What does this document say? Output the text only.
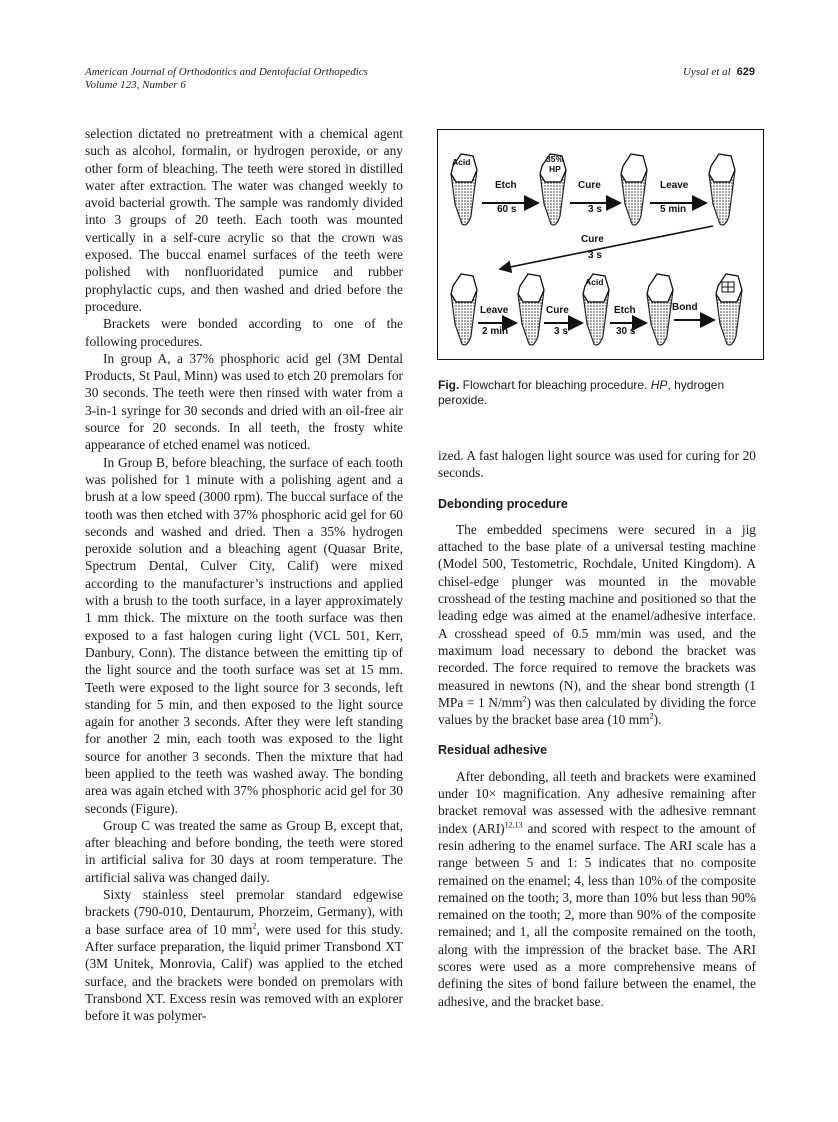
American Journal of Orthodontics and Dentofacial Orthopedics
Volume 123, Number 6
Uysal et al 629

selection dictated no pretreatment with a chemical agent such as alcohol, formalin, or hydrogen peroxide, or any other form of bleaching. The teeth were stored in distilled water after extraction. The water was changed weekly to avoid bacterial growth. The sample was randomly divided into 3 groups of 20 teeth. Each tooth was mounted vertically in a self-cure acrylic so that the crown was exposed. The buccal enamel surfaces of the teeth were polished with nonfluoridated pumice and rubber prophylactic cups, and then washed and dried before the procedure.

Brackets were bonded according to one of the following procedures.

In group A, a 37% phosphoric acid gel (3M Dental Products, St Paul, Minn) was used to etch 20 premolars for 30 seconds. The teeth were then rinsed with water from a 3-in-1 syringe for 30 seconds and dried with an oil-free air source for 20 seconds. In all teeth, the frosty white appearance of etched enamel was noticed.

In Group B, before bleaching, the surface of each tooth was polished for 1 minute with a polishing agent and a brush at a low speed (3000 rpm). The buccal surface of the tooth was then etched with 37% phosphoric acid gel for 60 seconds and washed and dried. Then a 35% hydrogen peroxide solution and a bleaching agent (Quasar Brite, Spectrum Dental, Culver City, Calif) were mixed according to the manufacturer’s instructions and applied with a brush to the tooth surface, in a layer approximately 1 mm thick. The mixture on the tooth surface was then exposed to a fast halogen curing light (VCL 501, Kerr, Danbury, Conn). The distance between the emitting tip of the light source and the tooth surface was set at 15 mm. Teeth were exposed to the light source for 3 seconds, left standing for 5 min, and then exposed to the light source again for another 3 seconds. After they were left standing for another 2 min, each tooth was exposed to the light source for another 3 seconds. Then the mixture that had been applied to the teeth was washed away. The bonding area was again etched with 37% phosphoric acid gel for 30 seconds (Figure).

Group C was treated the same as Group B, except that, after bleaching and before bonding, the teeth were stored in artificial saliva for 30 days at room temperature. The artificial saliva was changed daily.

Sixty stainless steel premolar standard edgewise brackets (790-010, Dentaurum, Phorzeim, Germany), with a base surface area of 10 $mm^2$, were used for this study. After surface preparation, the liquid primer Transbond XT (3M Unitek, Monrovia, Calif) was applied to the etched surface, and the brackets were bonded on premolars with Transbond XT. Excess resin was removed with an explorer before it was polymer-

Acid	35%
HP
Etch
60 s
Cure
3 s
Leave
5 min
Cure
3 s
Acid
Leave
2 min
Cure
3 s
Etch
30 s
Bond
Fig. Flowchart for bleaching procedure. HP, hydrogen peroxide.

ized. A fast halogen light source was used for curing for 20 seconds.

Debonding procedure

The embedded specimens were secured in a jig attached to the base plate of a universal testing machine (Model 500, Testometric, Rochdale, United Kingdom). A chisel-edge plunger was mounted in the movable crosshead of the testing machine and positioned so that the leading edge was aimed at the enamel/adhesive interface. A crosshead speed of 0.5 mm/min was used, and the maximum load necessary to debond the bracket was recorded. The force required to remove the brackets was measured in newtons (N), and the shear bond strength (1 MPa = 1 $N/mm^2$) was then calculated by dividing the force values by the bracket base area (10 $mm^2$).

Residual adhesive

After debonding, all teeth and brackets were examined under 10× magnification. Any adhesive remaining after bracket removal was assessed with the adhesive remnant index (ARI)$^{12,13}$ and scored with respect to the amount of resin adhering to the enamel surface. The ARI scale has a range between 5 and 1: 5 indicates that no composite remained on the enamel; 4, less than 10% of the composite remained on the tooth; 3, more than 10% but less than 90% remained on the tooth; 2, more than 90% of the composite remained; and 1, all the composite remained on the tooth, along with the impression of the bracket base. The ARI scores were used as a more comprehensive means of defining the sites of bond failure between the enamel, the adhesive, and the bracket base.
